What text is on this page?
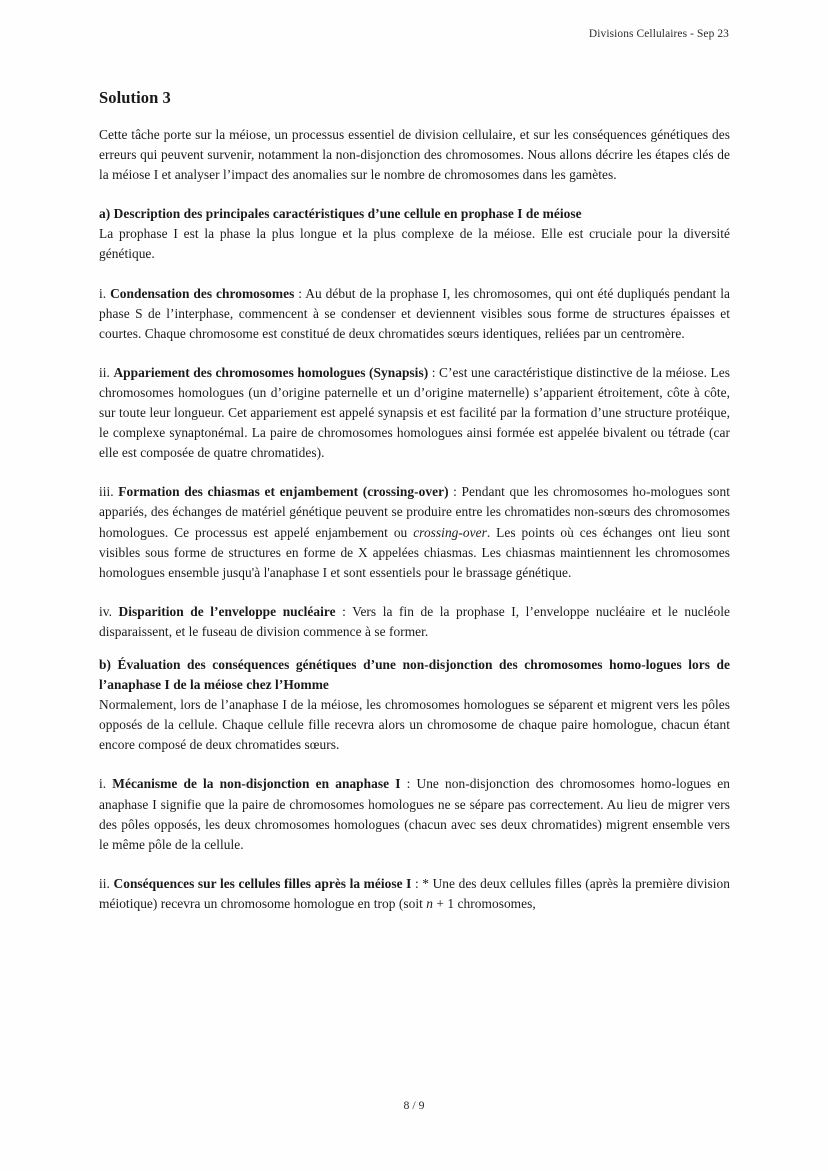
Divisions Cellulaires - Sep 23
Solution 3

Cette tâche porte sur la méiose, un processus essentiel de division cellulaire, et sur les conséquences génétiques des erreurs qui peuvent survenir, notamment la non-disjonction des chromosomes. Nous allons décrire les étapes clés de la méiose I et analyser l’impact des anomalies sur le nombre de chromosomes dans les gamètes.

a) Description des principales caractéristiques d’une cellule en prophase I de méiose

La prophase I est la phase la plus longue et la plus complexe de la méiose. Elle est cruciale pour la diversité génétique.

i. Condensation des chromosomes : Au début de la prophase I, les chromosomes, qui ont été dupliqués pendant la phase S de l’interphase, commencent à se condenser et deviennent visibles sous forme de structures épaisses et courtes. Chaque chromosome est constitué de deux chromatides sœurs identiques, reliées par un centromère.

ii. Appariement des chromosomes homologues (Synapsis) : C’est une caractéristique distinctive de la méiose. Les chromosomes homologues (un d’origine paternelle et un d’origine maternelle) s’apparient étroitement, côte à côte, sur toute leur longueur. Cet appariement est appelé synapsis et est facilité par la formation d’une structure protéique, le complexe synaptonémal. La paire de chromosomes homologues ainsi formée est appelée bivalent ou tétrade (car elle est composée de quatre chromatides).

iii. Formation des chiasmas et enjambement (crossing-over) : Pendant que les chromosomes ho-mologues sont appariés, des échanges de matériel génétique peuvent se produire entre les chromatides non-sœurs des chromosomes homologues. Ce processus est appelé enjambement ou crossing-over. Les points où ces échanges ont lieu sont visibles sous forme de structures en forme de X appelées chiasmas. Les chiasmas maintiennent les chromosomes homologues ensemble jusqu'à l'anaphase I et sont essentiels pour le brassage génétique.

iv. Disparition de l’enveloppe nucléaire : Vers la fin de la prophase I, l’enveloppe nucléaire et le nucléole disparaissent, et le fuseau de division commence à se former.

b) Évaluation des conséquences génétiques d’une non-disjonction des chromosomes homo-logues lors de l’anaphase I de la méiose chez l’Homme

Normalement, lors de l’anaphase I de la méiose, les chromosomes homologues se séparent et migrent vers les pôles opposés de la cellule. Chaque cellule fille recevra alors un chromosome de chaque paire homologue, chacun étant encore composé de deux chromatides sœurs.

i. Mécanisme de la non-disjonction en anaphase I : Une non-disjonction des chromosomes homo-logues en anaphase I signifie que la paire de chromosomes homologues ne se sépare pas correctement. Au lieu de migrer vers des pôles opposés, les deux chromosomes homologues (chacun avec ses deux chromatides) migrent ensemble vers le même pôle de la cellule.

ii. Conséquences sur les cellules filles après la méiose I : * Une des deux cellules filles (après la première division méiotique) recevra un chromosome homologue en trop (soit n + 1 chromosomes,

8 / 9
